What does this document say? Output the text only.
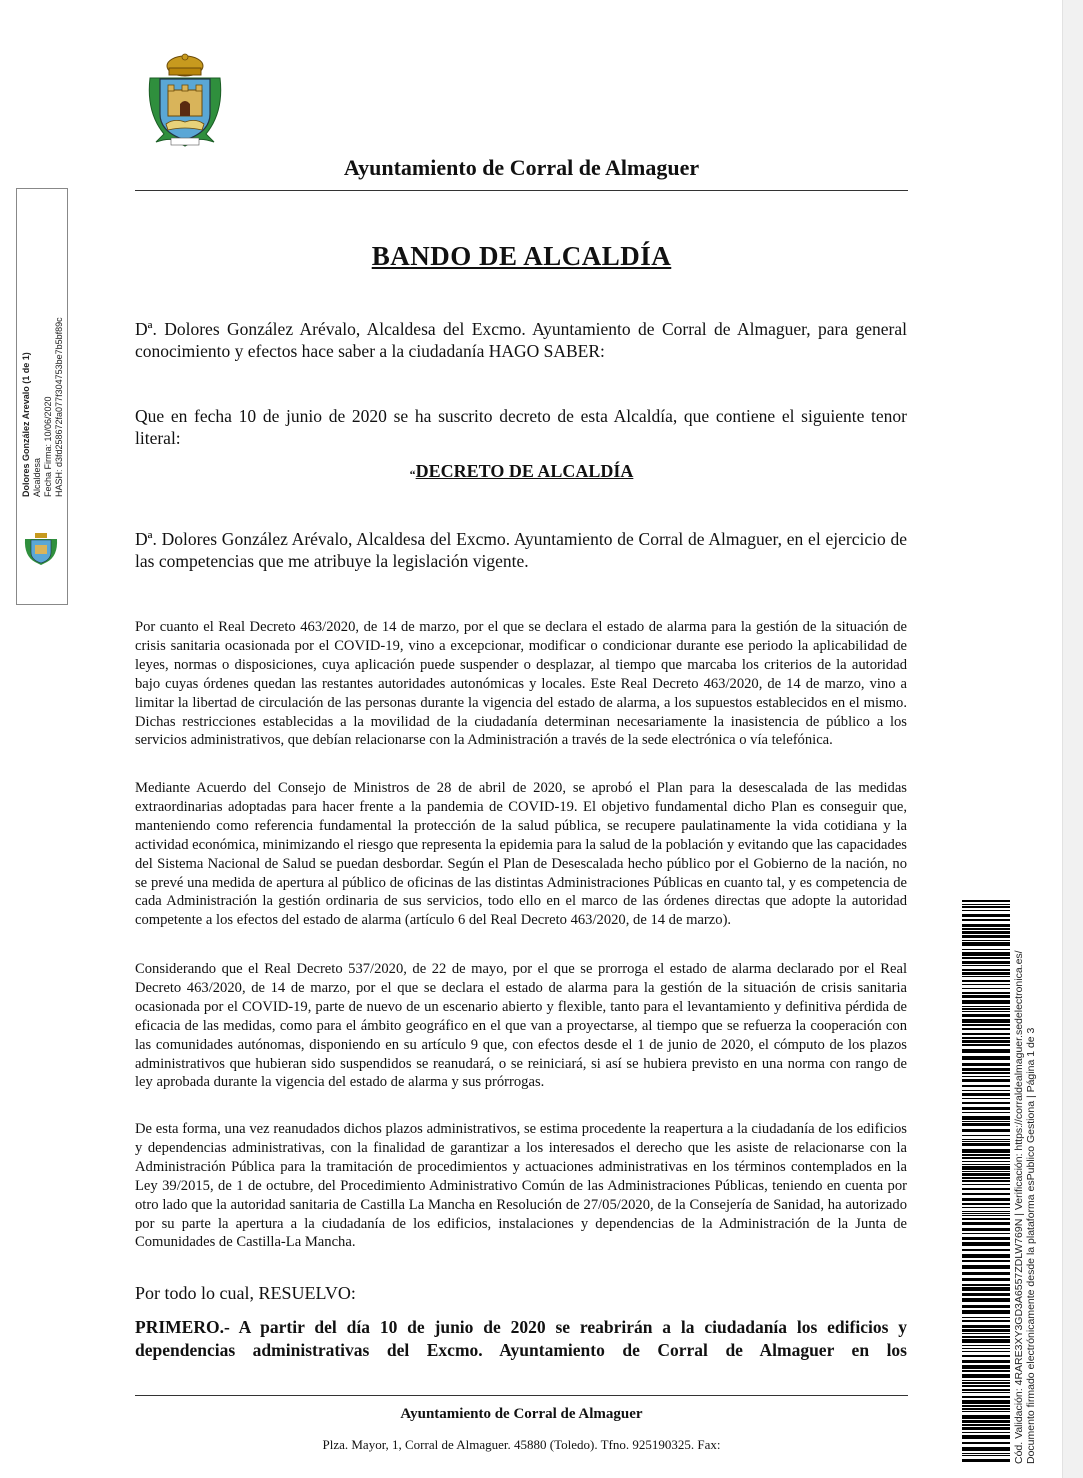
Ayuntamiento de Corral de Almaguer
BANDO DE ALCALDÍA

Dª. Dolores González Arévalo, Alcaldesa del Excmo. Ayuntamiento de Corral de Almaguer, para general conocimiento y efectos hace saber a la ciudadanía HAGO SABER:

Que en fecha 10 de junio de 2020 se ha suscrito decreto de esta Alcaldía, que contiene el siguiente tenor literal:

“DECRETO DE ALCALDÍA

Dª. Dolores González Arévalo, Alcaldesa del Excmo. Ayuntamiento de Corral de Almaguer, en el ejercicio de las competencias que me atribuye la legislación vigente.

Por cuanto el Real Decreto 463/2020, de 14 de marzo, por el que se declara el estado de alarma para la gestión de la situación de crisis sanitaria ocasionada por el COVID-19, vino a excepcionar, modificar o condicionar durante ese periodo la aplicabilidad de leyes, normas o disposiciones, cuya aplicación puede suspender o desplazar, al tiempo que marcaba los criterios de la autoridad bajo cuyas órdenes quedan las restantes autoridades autonómicas y locales. Este Real Decreto 463/2020, de 14 de marzo, vino a limitar la libertad de circulación de las personas durante la vigencia del estado de alarma, a los supuestos establecidos en el mismo. Dichas restricciones establecidas a la movilidad de la ciudadanía determinan necesariamente la inasistencia de público a los servicios administrativos, que debían relacionarse con la Administración a través de la sede electrónica o vía telefónica.

Mediante Acuerdo del Consejo de Ministros de 28 de abril de 2020, se aprobó el Plan para la desescalada de las medidas extraordinarias adoptadas para hacer frente a la pandemia de COVID-19. El objetivo fundamental dicho Plan es conseguir que, manteniendo como referencia fundamental la protección de la salud pública, se recupere paulatinamente la vida cotidiana y la actividad económica, minimizando el riesgo que representa la epidemia para la salud de la población y evitando que las capacidades del Sistema Nacional de Salud se puedan desbordar. Según el Plan de Desescalada hecho público por el Gobierno de la nación, no se prevé una medida de apertura al público de oficinas de las distintas Administraciones Públicas en cuanto tal, y es competencia de cada Administración la gestión ordinaria de sus servicios, todo ello en el marco de las órdenes directas que adopte la autoridad competente a los efectos del estado de alarma (artículo 6 del Real Decreto 463/2020, de 14 de marzo).

Considerando que el Real Decreto 537/2020, de 22 de mayo, por el que se prorroga el estado de alarma declarado por el Real Decreto 463/2020, de 14 de marzo, por el que se declara el estado de alarma para la gestión de la situación de crisis sanitaria ocasionada por el COVID-19, parte de nuevo de un escenario abierto y flexible, tanto para el levantamiento y definitiva pérdida de eficacia de las medidas, como para el ámbito geográfico en el que van a proyectarse, al tiempo que se refuerza la cooperación con las comunidades autónomas, disponiendo en su artículo 9 que, con efectos desde el 1 de junio de 2020, el cómputo de los plazos administrativos que hubieran sido suspendidos se reanudará, o se reiniciará, si así se hubiera previsto en una norma con rango de ley aprobada durante la vigencia del estado de alarma y sus prórrogas.

De esta forma, una vez reanudados dichos plazos administrativos, se estima procedente la reapertura a la ciudadanía de los edificios y dependencias administrativas, con la finalidad de garantizar a los interesados el derecho que les asiste de relacionarse con la Administración Pública para la tramitación de procedimientos y actuaciones administrativas en los términos contemplados en la Ley 39/2015, de 1 de octubre, del Procedimiento Administrativo Común de las Administraciones Públicas, teniendo en cuenta por otro lado que la autoridad sanitaria de Castilla La Mancha en Resolución de 27/05/2020, de la Consejería de Sanidad, ha autorizado por su parte la apertura a la ciudadanía de los edificios, instalaciones y dependencias de la Administración de la Junta de Comunidades de Castilla-La Mancha.

Por todo lo cual, RESUELVO:

PRIMERO.- A partir del día 10 de junio de 2020 se reabrirán a la ciudadanía los edificios y dependencias administrativas del Excmo. Ayuntamiento de Corral de Almaguer en los

Ayuntamiento de Corral de Almaguer
Plza. Mayor, 1, Corral de Almaguer. 45880 (Toledo). Tfno. 925190325. Fax:
Dolores González Arevalo (1 de 1) Alcaldesa Fecha Firma: 10/06/2020 HASH: d3fd258672fa077f304753be7b5bf89c
Cód. Validación: 4RARE3XY3GD3A6557ZDLW769N | Verificación: https://corraldealmaguer.sedelectronica.es/ Documento firmado electrónicamente desde la plataforma esPublico Gestiona | Página 1 de 3
